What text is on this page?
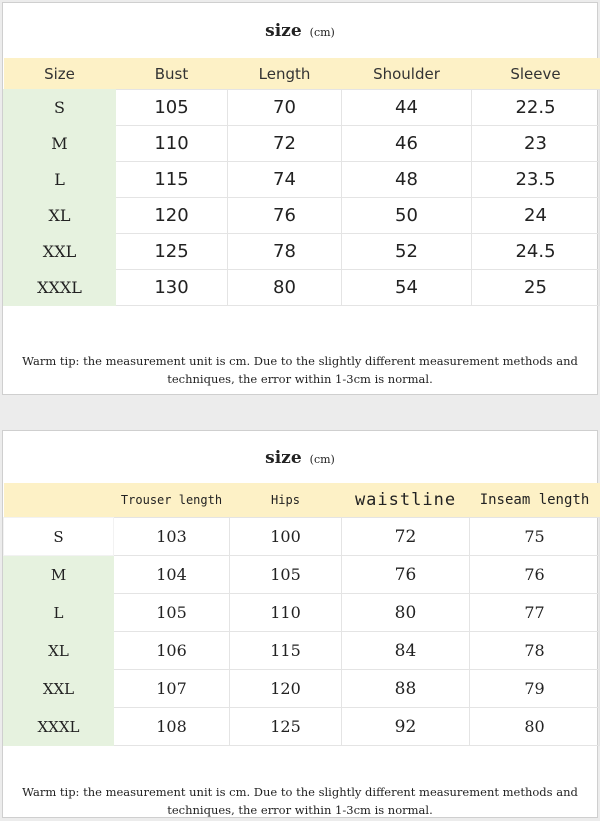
size (cm)
Size	Bust	Length	Shoulder	Sleeve
S	105	70	44	22.5
M	110	72	46	23
L	115	74	48	23.5
XL	120	76	50	24
XXL	125	78	52	24.5
XXXL	130	80	54	25
Warm tip: the measurement unit is cm. Due to the slightly different measurement methods and
techniques, the error within 1-3cm is normal.
size (cm)
	Trouser length	Hips	waistline	Inseam length
S	103	100	72	75
M	104	105	76	76
L	105	110	80	77
XL	106	115	84	78
XXL	107	120	88	79
XXXL	108	125	92	80
Warm tip: the measurement unit is cm. Due to the slightly different measurement methods and
techniques, the error within 1-3cm is normal.
